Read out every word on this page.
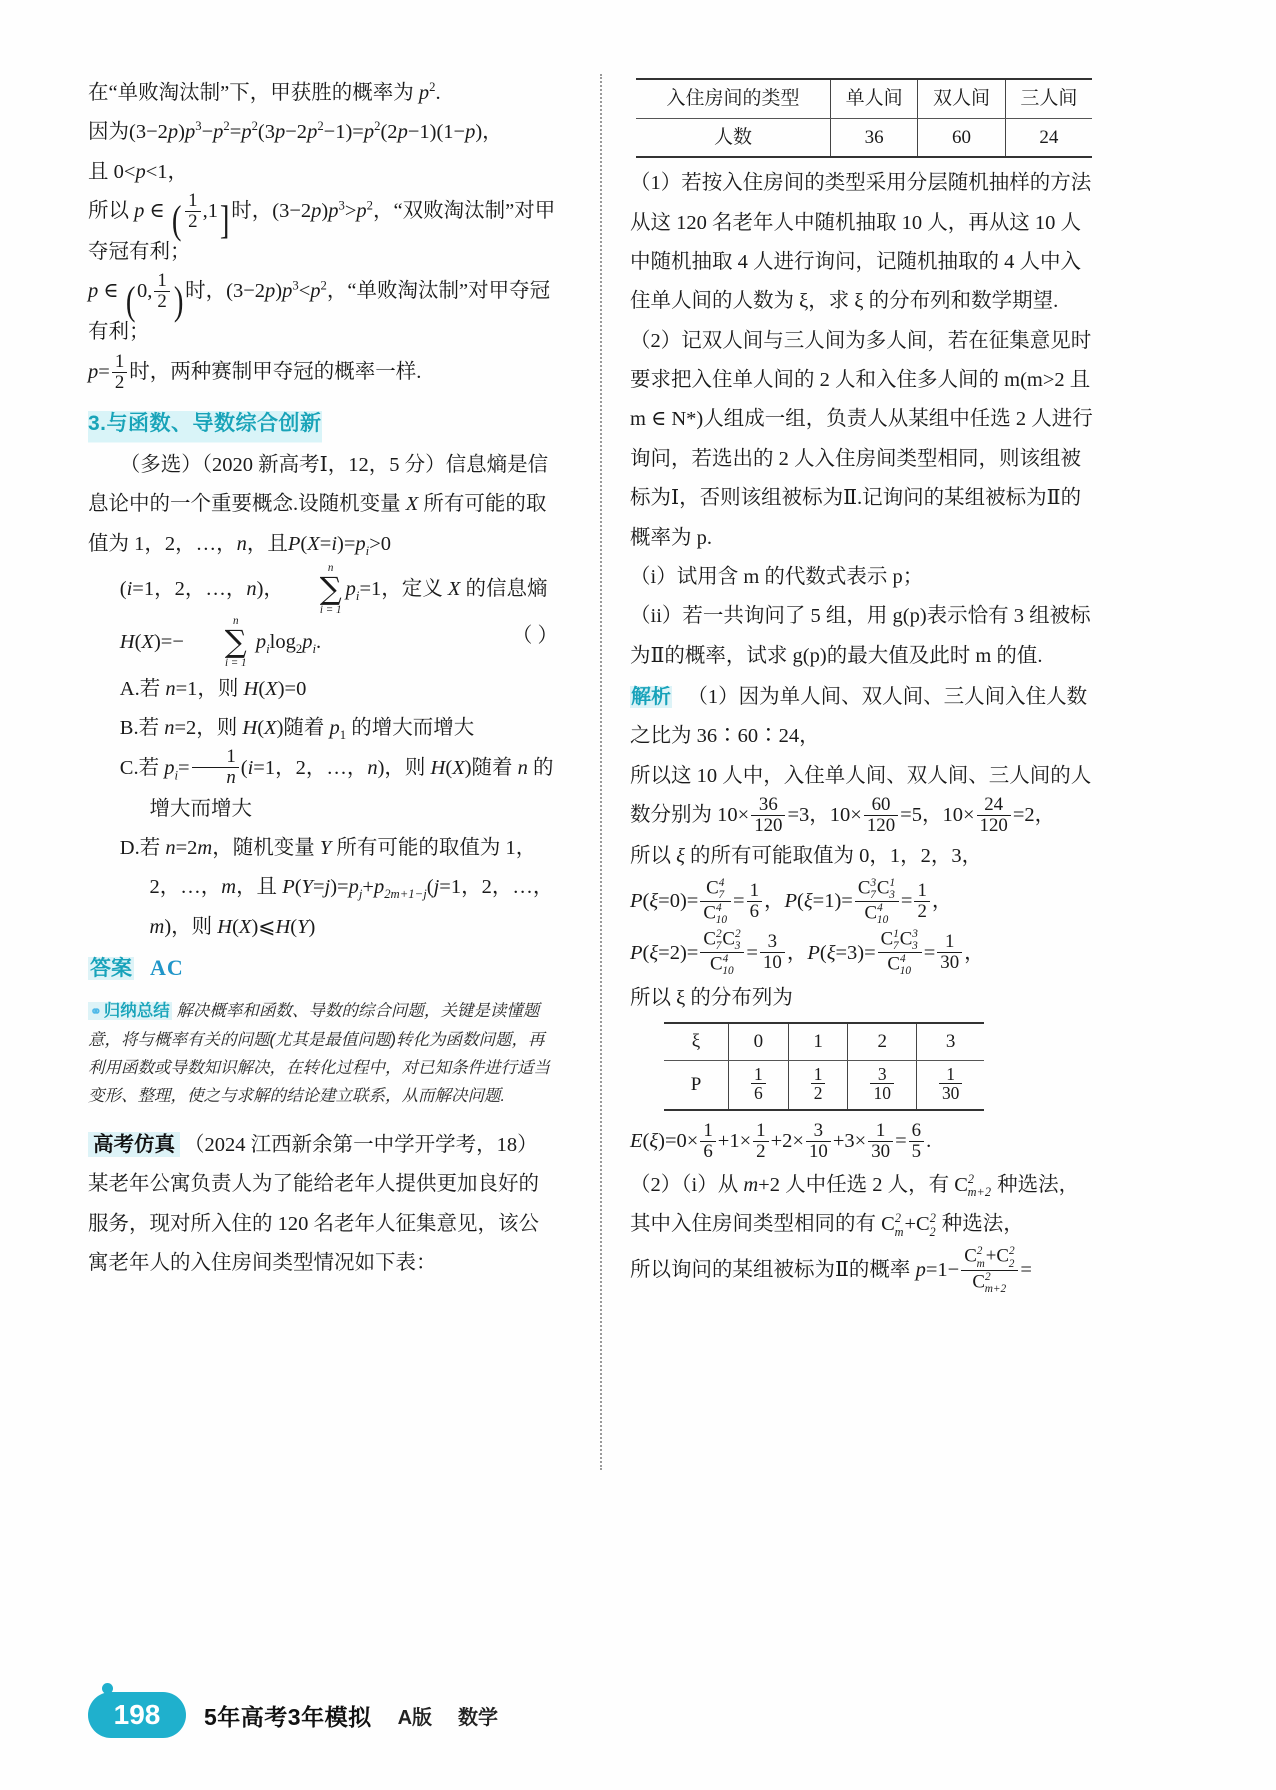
在“单败淘汰制”下，甲获胜的概率为 $p^2$.

因为$(3-2p)p^3-p^2=p^2(3p-2p^2-1)=p^2(2p-1)(1-p)$，且 0<p<1，

所以 p ∈ ( $\frac{1}{2} ,1$]时，$(3-2p)p^3>p^2$，“双败淘汰制”对甲夺冠有利；

p ∈ (0, $\frac{1}{2}$ )时，$(3-2p)p^3<p^2$，“单败淘汰制”对甲夺冠有利；

$p= \frac{1}{2}$ 时，两种赛制甲夺冠的概率一样.

3.与函数、导数综合创新

（多选）（2020 新高考Ⅰ，12，5 分）信息熵是信息论中的一个重要概念.设随机变量 X 所有可能的取值为 1，2，…，n，且$P(X=i)=p_i>0$

(i=1，2，…，n)，
n
∑
i = 1
$p_i=1$，定义 X 的信息熵

H(X)=−
n
∑
i = 1
$p_i\log_2p_i$.	（ ）

A.若 n=1，则 H(X)=0

B.若 n=2，则 H(X)随着 $p_1$ 的增大而增大

C.若 $p_i= \frac{1}{n} (i=1$，2，…，n)，则 H(X)随着 n 的

增大而增大

D.若 n=2m，随机变量 Y 所有可能的取值为 1，

2，…，m，且 $P(Y=j)=p_j+p_{2m+1-j}(j=1$，2，…，

m)，则 H(X)⩽H(Y)

答案 AC

⚭ 归纳总结 解决概率和函数、导数的综合问题，关键是读懂题意，将与概率有关的问题(尤其是最值问题)转化为函数问题，再利用函数或导数知识解决，在转化过程中，对已知条件进行适当变形、整理，使之与求解的结论建立联系，从而解决问题.

高考仿真 （2024 江西新余第一中学开学考，18）某老年公寓负责人为了能给老年人提供更加良好的服务，现对所入住的 120 名老年人征集意见，该公寓老年人的入住房间类型情况如下表：

入住房间的类型	单人间	双人间	三人间
人数	36	60	24

（1）若按入住房间的类型采用分层随机抽样的方法从这 120 名老年人中随机抽取 10 人，再从这 10 人中随机抽取 4 人进行询问，记随机抽取的 4 人中入住单人间的人数为 ξ，求 ξ 的分布列和数学期望.

（2）记双人间与三人间为多人间，若在征集意见时要求把入住单人间的 2 人和入住多人间的 m(m>2 且 m ∈ N*)人组成一组，负责人从某组中任选 2 人进行询问，若选出的 2 人入住房间类型相同，则该组被标为Ⅰ，否则该组被标为Ⅱ.记询问的某组被标为Ⅱ的概率为 p.

（i）试用含 m 的代数式表示 p；

（ii）若一共询问了 5 组，用 g(p)表示恰有 3 组被标为Ⅱ的概率，试求 g(p)的最大值及此时 m 的值.

解析   （1）因为单人间、双人间、三人间入住人数之比为 36∶60∶24，

所以这 10 人中，入住单人间、双人间、三人间的人数分别为 $10\times \frac{36}{120} =3$，$10\times \frac{60}{120} =5$，$10\times \frac{24}{120} =2$，

所以 ξ 的所有可能取值为 0，1，2，3，

$P(\xi=0)= \frac{C^4_7}{C^4_{10}} = \frac{1}{6}$ ，$P(\xi=1)= \frac{C^3_7C^1_3}{C^4_{10}} = \frac{1}{2}$ ，

$P(\xi=2)= \frac{C^2_7C^2_3}{C^4_{10}} = \frac{3}{10}$ ，$P(\xi=3)= \frac{C^1_7C^3_3}{C^4_{10}} = \frac{1}{30}$ ，

所以 ξ 的分布列为

ξ	0	1	2	3
P	$\frac{1}{6}$	$\frac{1}{2}$	$\frac{3}{10}$	$\frac{1}{30}$

$E(\xi)=0\times \frac{1}{6} +1\times \frac{1}{2} +2\times \frac{3}{10} +3\times \frac{1}{30} = \frac{6}{5}$ .

（2）（i）从 m+2 人中任选 2 人，有 $C^2_{m+2}$ 种选法，

其中入住房间类型相同的有 $C^2_m+C^2_2$ 种选法，

所以询问的某组被标为Ⅱ的概率 $p=1- \frac{C^2_m+C^2_2}{C^2_{m+2}}$ =

198	5年高考3年模拟 A版 数学
